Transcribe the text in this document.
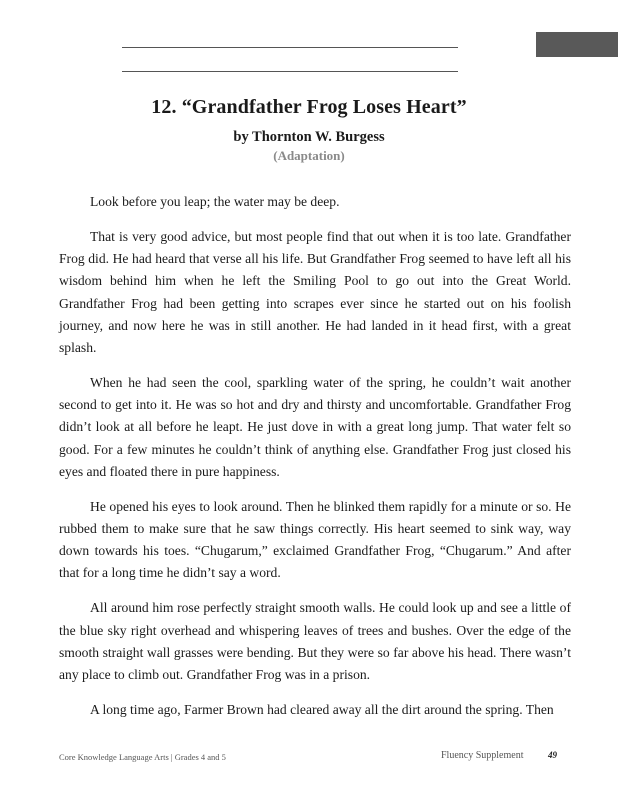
12. “Grandfather Frog Loses Heart”
by Thornton W. Burgess
(Adaptation)

Look before you leap; the water may be deep.

That is very good advice, but most people find that out when it is too late. Grandfather Frog did. He had heard that verse all his life. But Grandfather Frog seemed to have left all his wisdom behind him when he left the Smiling Pool to go out into the Great World. Grandfather Frog had been getting into scrapes ever since he started out on his foolish journey, and now here he was in still another. He had landed in it head first, with a great splash.

When he had seen the cool, sparkling water of the spring, he couldn’t wait another second to get into it. He was so hot and dry and thirsty and uncomfortable. Grandfather Frog didn’t look at all before he leapt. He just dove in with a great long jump. That water felt so good. For a few minutes he couldn’t think of anything else. Grandfather Frog just closed his eyes and floated there in pure happiness.

He opened his eyes to look around. Then he blinked them rapidly for a minute or so. He rubbed them to make sure that he saw things correctly. His heart seemed to sink way, way down towards his toes. “Chugarum,” exclaimed Grandfather Frog, “Chugarum.” And after that for a long time he didn’t say a word.

All around him rose perfectly straight smooth walls. He could look up and see a little of the blue sky right overhead and whispering leaves of trees and bushes. Over the edge of the smooth straight wall grasses were bending. But they were so far above his head. There wasn’t any place to climb out. Grandfather Frog was in a prison.

A long time ago, Farmer Brown had cleared away all the dirt around the spring. Then

Core Knowledge Language Arts | Grades 4 and 5	Fluency Supplement	49
